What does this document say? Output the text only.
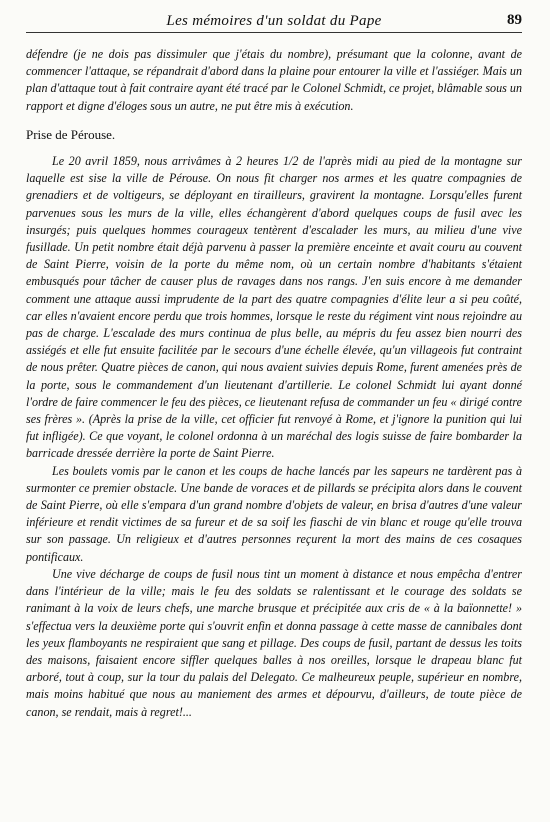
Les mémoires d'un soldat du Pape	89

défendre (je ne dois pas dissimuler que j'étais du nombre), présumant que la colonne, avant de commencer l'attaque, se répandrait d'abord dans la plaine pour entourer la ville et l'assiéger. Mais un plan d'attaque tout à fait contraire ayant été tracé par le Colonel Schmidt, ce projet, blâmable sous un rapport et digne d'éloges sous un autre, ne put être mis à exécution.

Prise de Pérouse.

Le 20 avril 1859, nous arrivâmes à 2 heures 1/2 de l'après midi au pied de la montagne sur laquelle est sise la ville de Pérouse. On nous fit charger nos armes et les quatre compagnies de grenadiers et de voltigeurs, se déployant en tirailleurs, gravirent la montagne. Lorsqu'elles furent parvenues sous les murs de la ville, elles échangèrent d'abord quelques coups de fusil avec les insurgés; puis quelques hommes courageux tentèrent d'escalader les murs, au milieu d'une vive fusillade. Un petit nombre était déjà parvenu à passer la première enceinte et avait couru au couvent de Saint Pierre, voisin de la porte du même nom, où un certain nombre d'habitants s'étaient embusqués pour tâcher de causer plus de ravages dans nos rangs. J'en suis encore à me demander comment une attaque aussi imprudente de la part des quatre compagnies d'élite leur a si peu coûté, car elles n'avaient encore perdu que trois hommes, lorsque le reste du régiment vint nous rejoindre au pas de charge. L'escalade des murs continua de plus belle, au mépris du feu assez bien nourri des assiégés et elle fut ensuite facilitée par le secours d'une échelle élevée, qu'un villageois fut contraint de nous prêter. Quatre pièces de canon, qui nous avaient suivies depuis Rome, furent amenées près de la porte, sous le commandement d'un lieutenant d'artillerie. Le colonel Schmidt lui ayant donné l'ordre de faire commencer le feu des pièces, ce lieutenant refusa de commander un feu « dirigé contre ses frères ». (Après la prise de la ville, cet officier fut renvoyé à Rome, et j'ignore la punition qui lui fut infligée). Ce que voyant, le colonel ordonna à un maréchal des logis suisse de faire bombarder la barricade dressée derrière la porte de Saint Pierre.

Les boulets vomis par le canon et les coups de hache lancés par les sapeurs ne tardèrent pas à surmonter ce premier obstacle. Une bande de voraces et de pillards se précipita alors dans le couvent de Saint Pierre, où elle s'empara d'un grand nombre d'objets de valeur, en brisa d'autres d'une valeur inférieure et rendit victimes de sa fureur et de sa soif les fiaschi de vin blanc et rouge qu'elle trouva sur son passage. Un religieux et d'autres personnes reçurent la mort des mains de ces cosaques pontificaux.

Une vive décharge de coups de fusil nous tint un moment à distance et nous empêcha d'entrer dans l'intérieur de la ville; mais le feu des soldats se ralentissant et le courage des soldats se ranimant à la voix de leurs chefs, une marche brusque et précipitée aux cris de « à la baïonnette! » s'effectua vers la deuxième porte qui s'ouvrit enfin et donna passage à cette masse de cannibales dont les yeux flamboyants ne respiraient que sang et pillage. Des coups de fusil, partant de dessus les toits des maisons, faisaient encore siffler quelques balles à nos oreilles, lorsque le drapeau blanc fut arboré, tout à coup, sur la tour du palais del Delegato. Ce malheureux peuple, supérieur en nombre, mais moins habitué que nous au maniement des armes et dépourvu, d'ailleurs, de toute pièce de canon, se rendait, mais à regret!...
